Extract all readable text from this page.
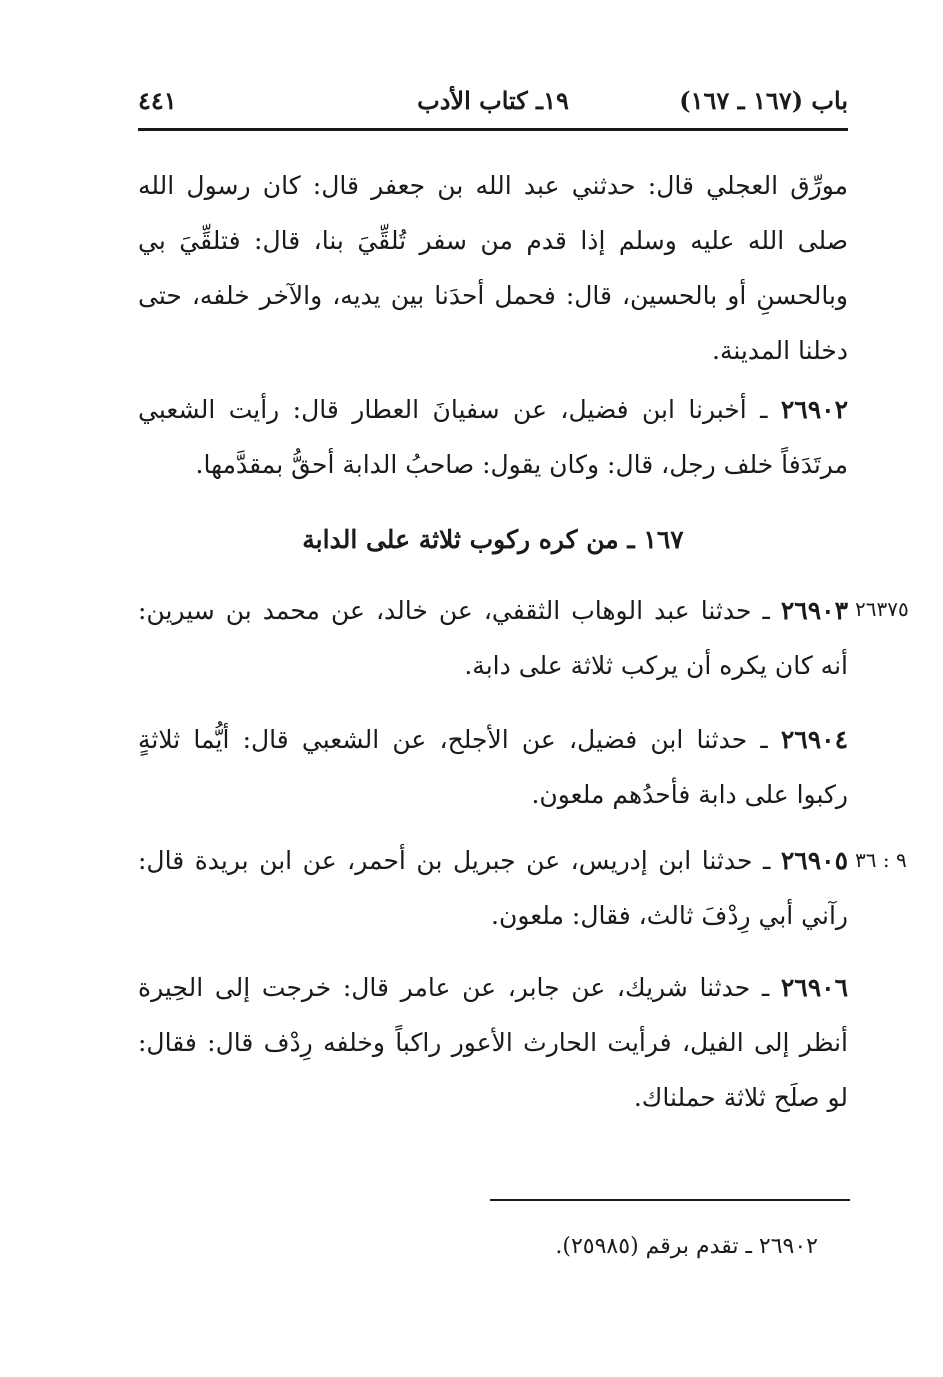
باب (١٦٧ ـ ١٦٧)
١٩ـ كتاب الأدب
٤٤١
مورِّق العجلي قال: حدثني عبد الله بن جعفر قال: كان رسول الله صلى الله عليه وسلم إذا قدم من سفر تُلقِّيَ بنا، قال: فتلقِّيَ بي وبالحسنِ أو بالحسين، قال: فحمل أحدَنا بين يديه، والآخر خلفه، حتى دخلنا المدينة.
٢٦٩٠٢ ـ أخبرنا ابن فضيل، عن سفيانَ العطار قال: رأيت الشعبي مرتَدَفاً خلف رجل، قال: وكان يقول: صاحبُ الدابة أحقُّ بمقدَّمها.
١٦٧ ـ من كره ركوب ثلاثة على الدابة
٢٦٣٧٥
٢٦٩٠٣ ـ حدثنا عبد الوهاب الثقفي، عن خالد، عن محمد بن سيرين: أنه كان يكره أن يركب ثلاثة على دابة.
٢٦٩٠٤ ـ حدثنا ابن فضيل، عن الأجلح، عن الشعبي قال: أيُّما ثلاثةٍ ركبوا على دابة فأحدُهم ملعون.
٩ : ٣٦
٢٦٩٠٥ ـ حدثنا ابن إدريس، عن جبريل بن أحمر، عن ابن بريدة قال: رآني أبي رِدْفَ ثالث، فقال: ملعون.
٢٦٩٠٦ ـ حدثنا شريك، عن جابر، عن عامر قال: خرجت إلى الحِيرة أنظر إلى الفيل، فرأيت الحارث الأعور راكباً وخلفه رِدْف قال: فقال: لو صلَح ثلاثة حملناك.
٢٦٩٠٢ ـ تقدم برقم (٢٥٩٨٥).
